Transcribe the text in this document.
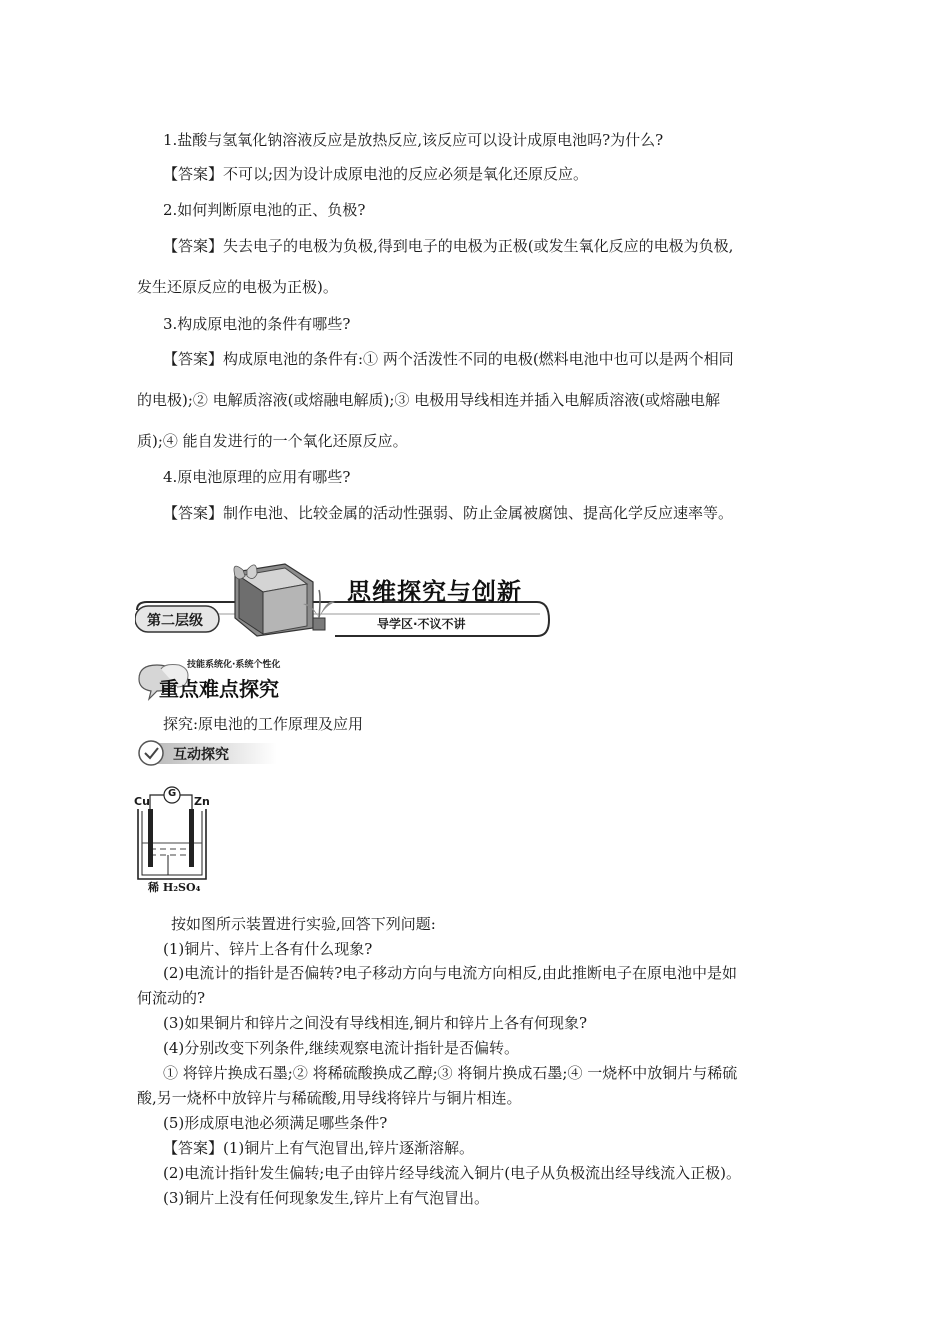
1.盐酸与氢氧化钠溶液反应是放热反应,该反应可以设计成原电池吗?为什么?
【答案】不可以;因为设计成原电池的反应必须是氧化还原反应。
2.如何判断原电池的正、负极?
【答案】失去电子的电极为负极,得到电子的电极为正极(或发生氧化反应的电极为负极,
发生还原反应的电极为正极)。
3.构成原电池的条件有哪些?
【答案】构成原电池的条件有:① 两个活泼性不同的电极(燃料电池中也可以是两个相同
的电极);② 电解质溶液(或熔融电解质);③ 电极用导线相连并插入电解质溶液(或熔融电解
质);④ 能自发进行的一个氧化还原反应。
4.原电池原理的应用有哪些?
【答案】制作电池、比较金属的活动性强弱、防止金属被腐蚀、提高化学反应速率等。
第二层级
思维探究与创新
导学区·不议不讲
技能系统化·系统个性化
重点难点探究
探究:原电池的工作原理及应用
互动探究
Cu	Zn
G
稀 H₂SO₄
按如图所示装置进行实验,回答下列问题:
(1)铜片、锌片上各有什么现象?
(2)电流计的指针是否偏转?电子移动方向与电流方向相反,由此推断电子在原电池中是如
何流动的?
(3)如果铜片和锌片之间没有导线相连,铜片和锌片上各有何现象?
(4)分别改变下列条件,继续观察电流计指针是否偏转。
① 将锌片换成石墨;② 将稀硫酸换成乙醇;③ 将铜片换成石墨;④ 一烧杯中放铜片与稀硫
酸,另一烧杯中放锌片与稀硫酸,用导线将锌片与铜片相连。
(5)形成原电池必须满足哪些条件?
【答案】(1)铜片上有气泡冒出,锌片逐渐溶解。
(2)电流计指针发生偏转;电子由锌片经导线流入铜片(电子从负极流出经导线流入正极)。
(3)铜片上没有任何现象发生,锌片上有气泡冒出。
